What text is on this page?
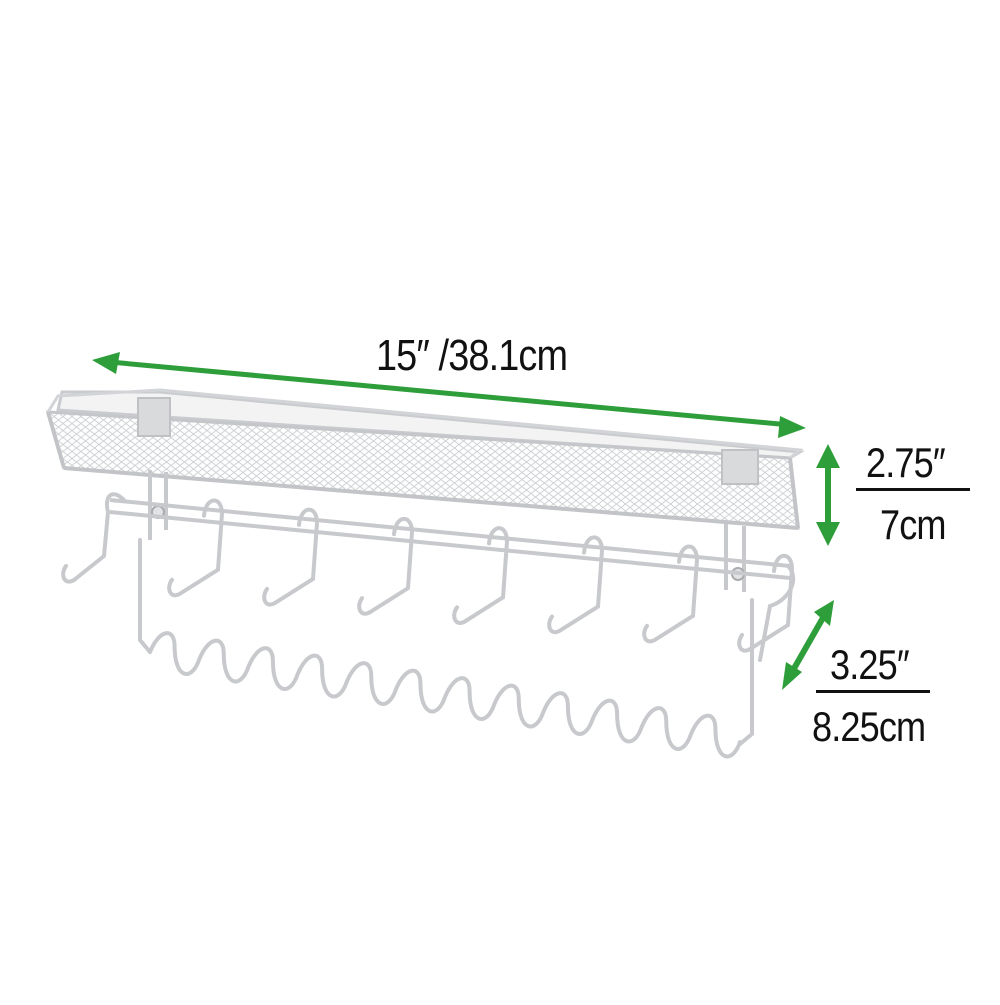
15″ /38.1cm
2.75″
7cm
3.25″
8.25cm
